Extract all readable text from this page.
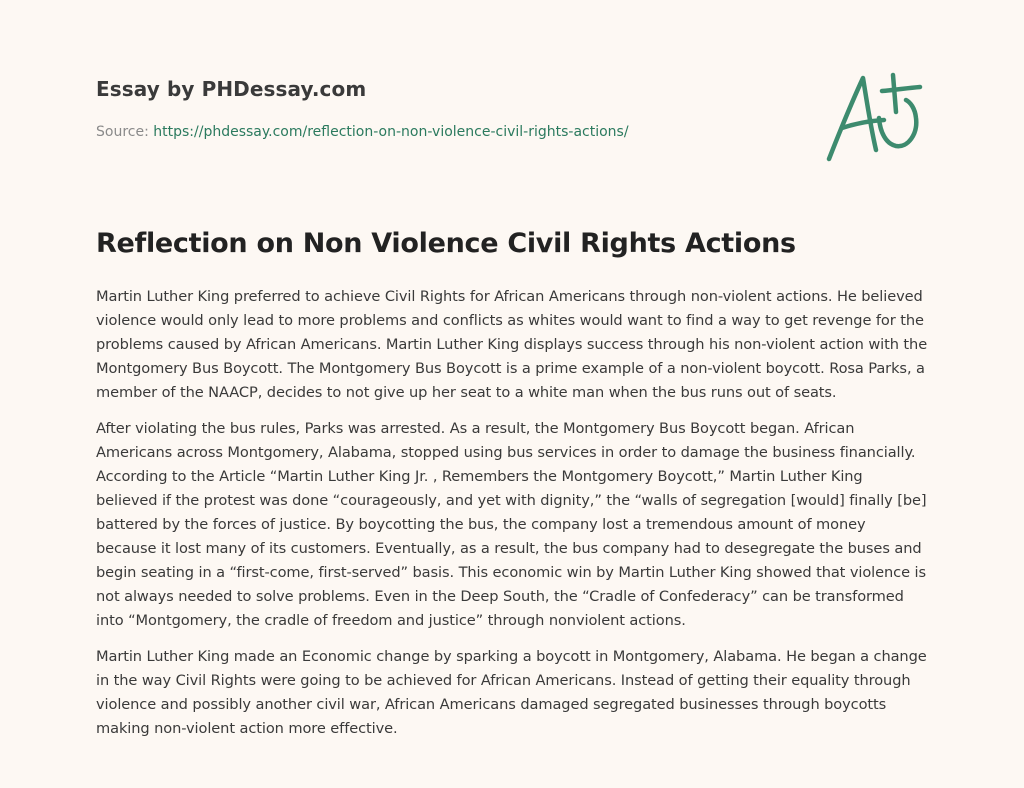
Essay by PHDessay.com
Source: https://phdessay.com/reflection-on-non-violence-civil-rights-actions/
Reflection on Non Violence Civil Rights Actions

Martin Luther King preferred to achieve Civil Rights for African Americans through non-violent actions. He believed violence would only lead to more problems and conflicts as whites would want to find a way to get revenge for the problems caused by African Americans. Martin Luther King displays success through his non-violent action with the Montgomery Bus Boycott. The Montgomery Bus Boycott is a prime example of a non-violent boycott. Rosa Parks, a member of the NAACP, decides to not give up her seat to a white man when the bus runs out of seats.

After violating the bus rules, Parks was arrested. As a result, the Montgomery Bus Boycott began. African Americans across Montgomery, Alabama, stopped using bus services in order to damage the business financially. According to the Article “Martin Luther King Jr. , Remembers the Montgomery Boycott,” Martin Luther King believed if the protest was done “courageously, and yet with dignity,” the “walls of segregation [would] finally [be] battered by the forces of justice. By boycotting the bus, the company lost a tremendous amount of money because it lost many of its customers. Eventually, as a result, the bus company had to desegregate the buses and begin seating in a “first-come, first-served” basis. This economic win by Martin Luther King showed that violence is not always needed to solve problems. Even in the Deep South, the “Cradle of Confederacy” can be transformed into “Montgomery, the cradle of freedom and justice” through nonviolent actions.

Martin Luther King made an Economic change by sparking a boycott in Montgomery, Alabama. He began a change in the way Civil Rights were going to be achieved for African Americans. Instead of getting their equality through violence and possibly another civil war, African Americans damaged segregated businesses through boycotts making non-violent action more effective.
